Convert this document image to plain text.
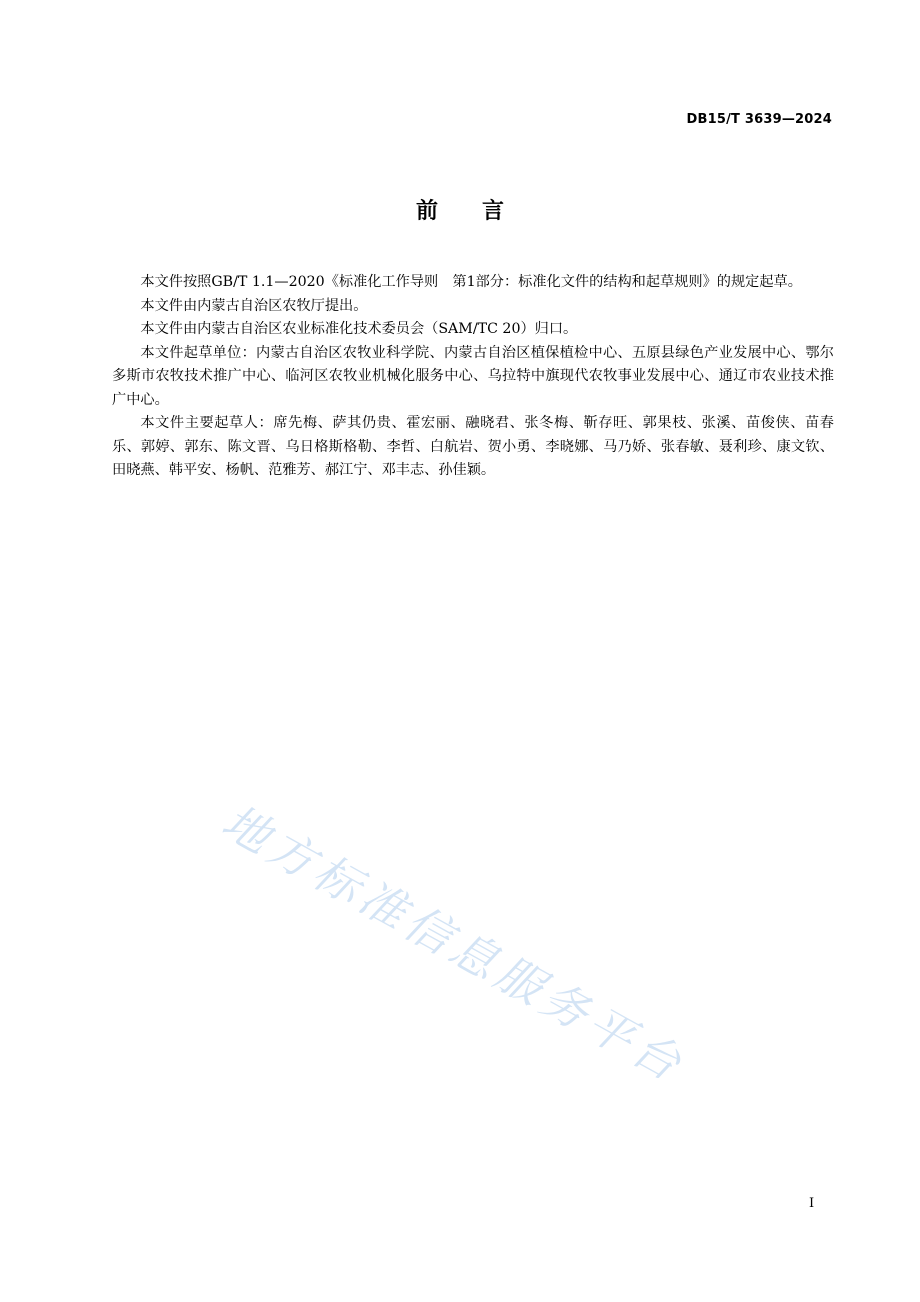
DB15/T 3639—2024
前 言

本文件按照GB/T 1.1—2020《标准化工作导则　第1部分：标准化文件的结构和起草规则》的规定起草。

本文件由内蒙古自治区农牧厅提出。

本文件由内蒙古自治区农业标准化技术委员会（SAM/TC 20）归口。

本文件起草单位：内蒙古自治区农牧业科学院、内蒙古自治区植保植检中心、五原县绿色产业发展中心、鄂尔多斯市农牧技术推广中心、临河区农牧业机械化服务中心、乌拉特中旗现代农牧事业发展中心、通辽市农业技术推广中心。

本文件主要起草人：席先梅、萨其仍贵、霍宏丽、融晓君、张冬梅、靳存旺、郭果枝、张溪、苗俊侠、苗春乐、郭婷、郭东、陈文晋、乌日格斯格勒、李哲、白航岩、贺小勇、李晓娜、马乃娇、张春敏、聂利珍、康文钦、田晓燕、韩平安、杨帆、范雅芳、郝江宁、邓丰志、孙佳颖。

地方标准信息服务平台
I
